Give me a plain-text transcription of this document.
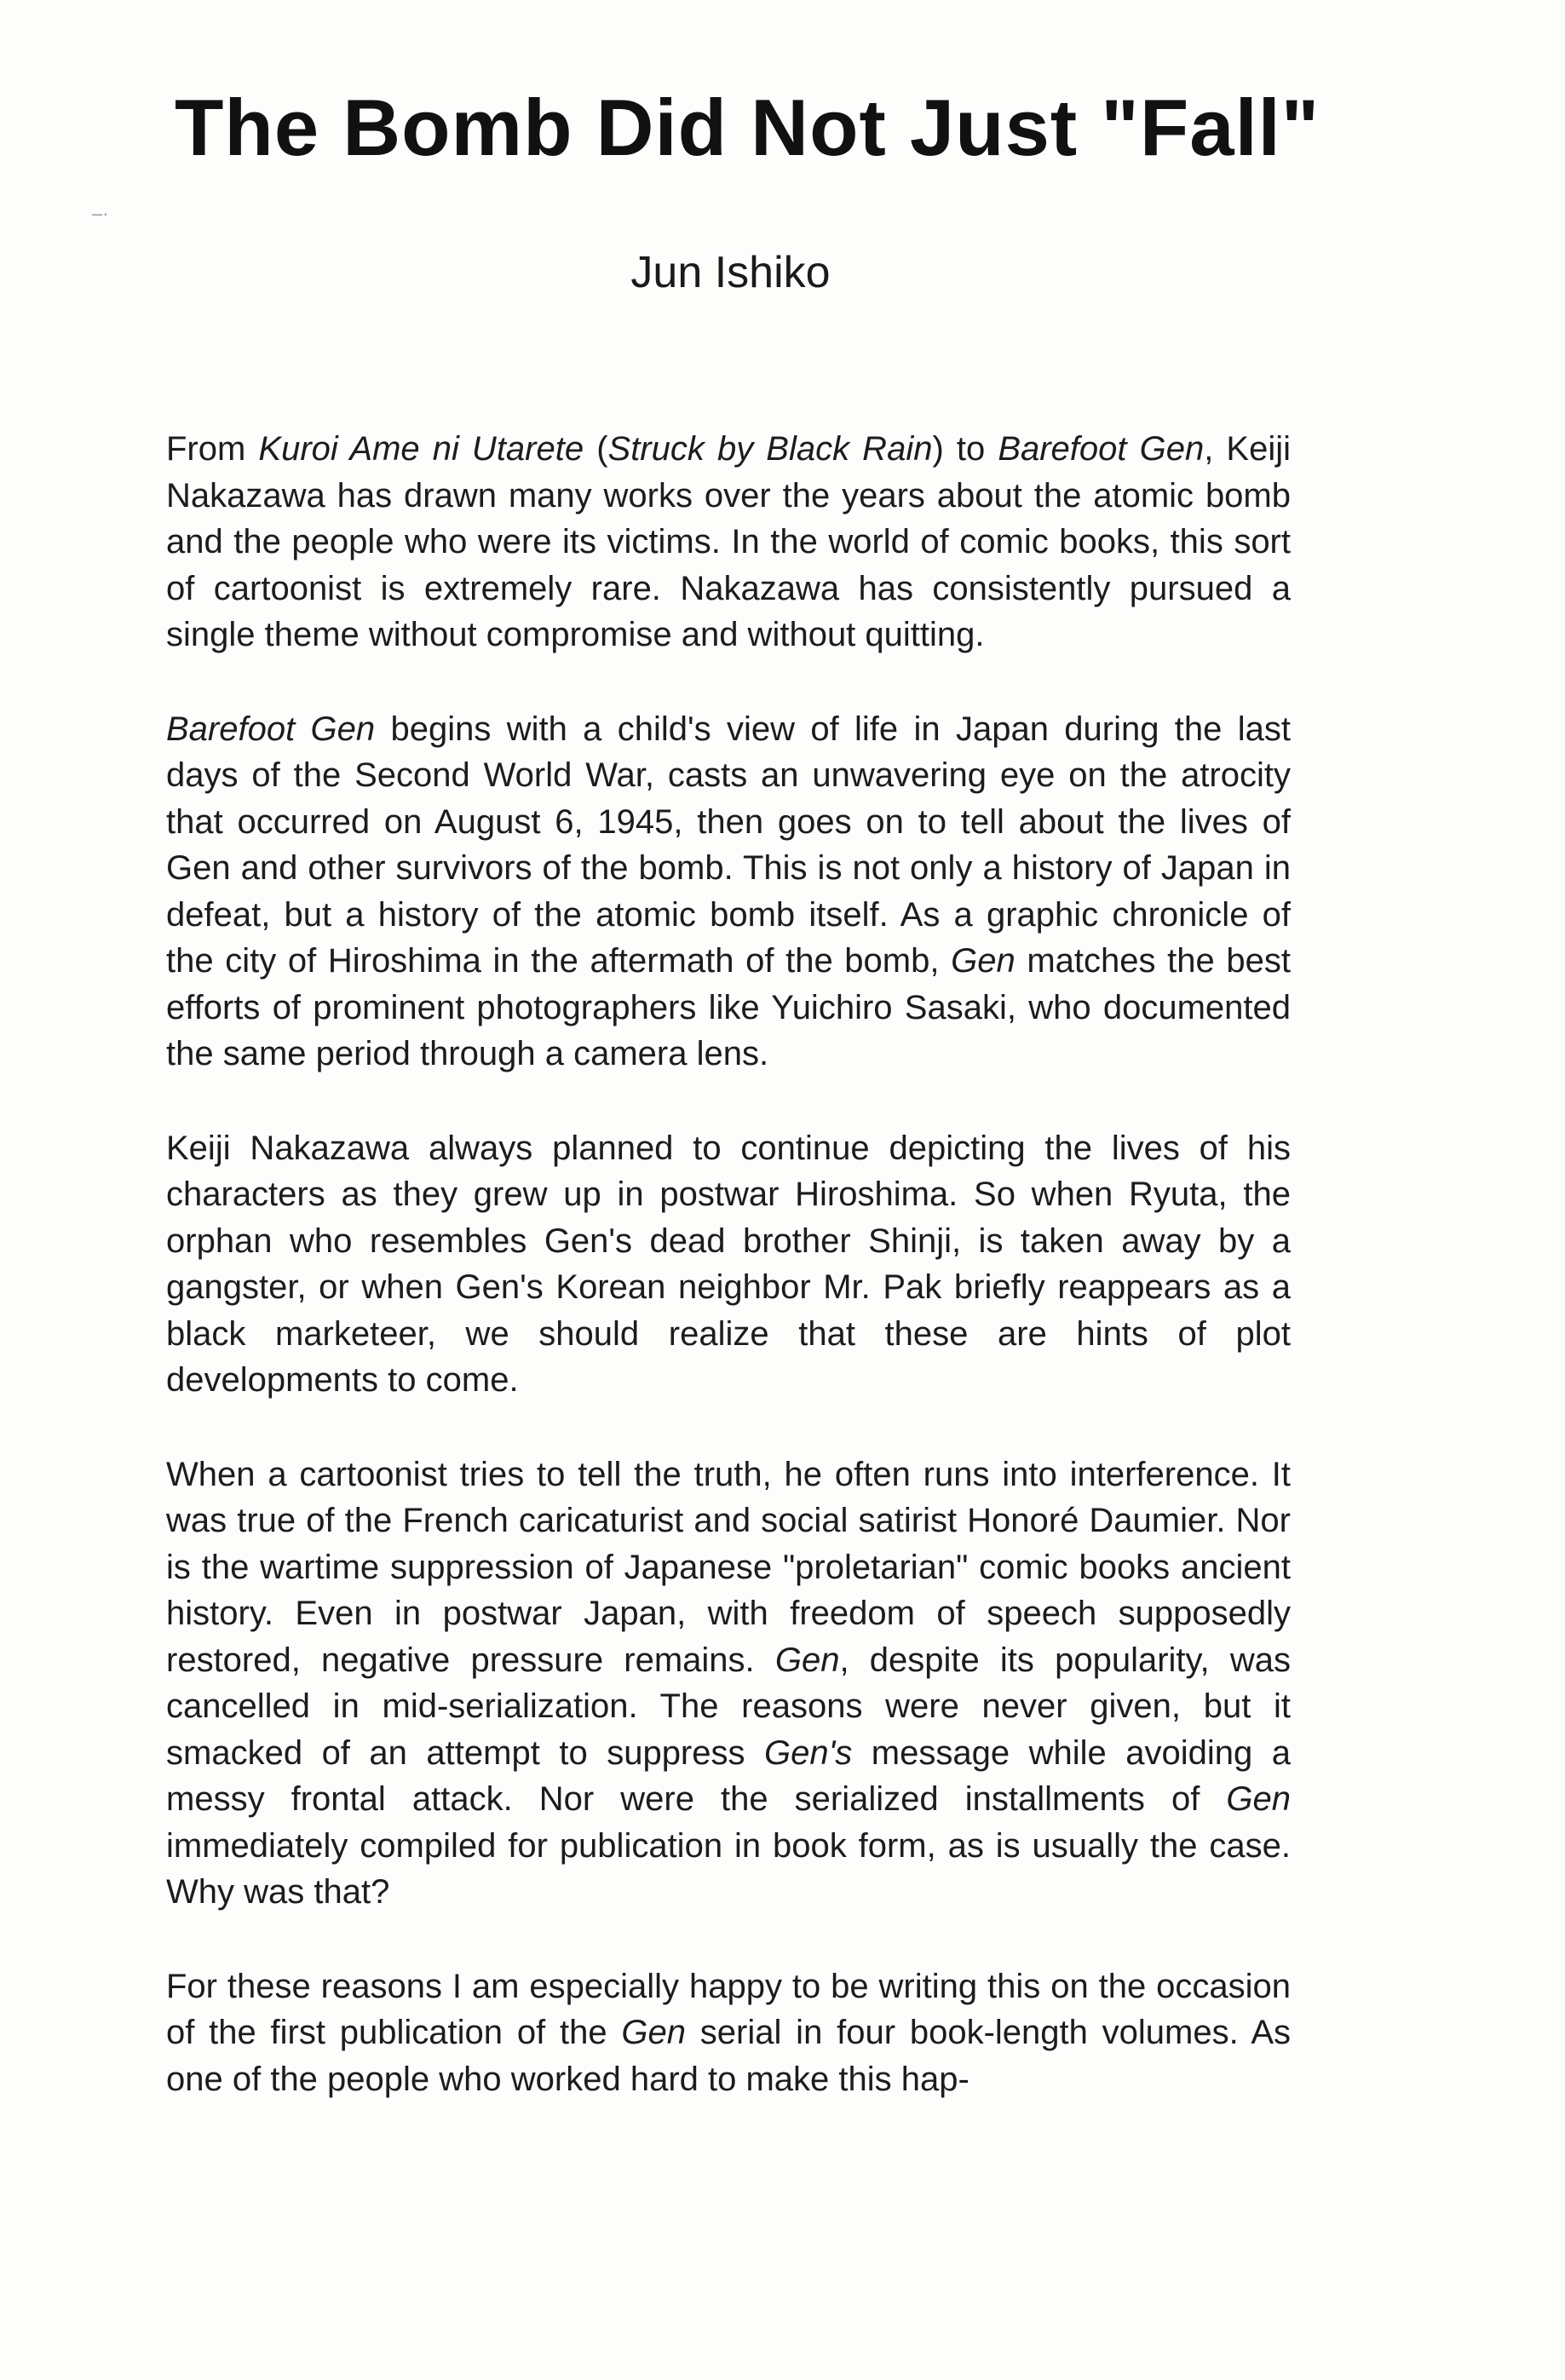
–·
The Bomb Did Not Just "Fall"

Jun Ishiko

From Kuroi Ame ni Utarete (Struck by Black Rain) to Barefoot Gen, Keiji Nakazawa has drawn many works over the years about the atomic bomb and the people who were its victims. In the world of comic books, this sort of cartoonist is extremely rare. Nakazawa has consistently pursued a single theme without compromise and without quitting.

Barefoot Gen begins with a child's view of life in Japan during the last days of the Second World War, casts an unwavering eye on the atrocity that occurred on August 6, 1945, then goes on to tell about the lives of Gen and other survivors of the bomb. This is not only a history of Japan in defeat, but a history of the atomic bomb itself. As a graphic chronicle of the city of Hiroshima in the aftermath of the bomb, Gen matches the best efforts of prominent photographers like Yuichiro Sasaki, who documented the same period through a camera lens.

Keiji Nakazawa always planned to continue depicting the lives of his characters as they grew up in postwar Hiroshima. So when Ryuta, the orphan who resembles Gen's dead brother Shinji, is taken away by a gangster, or when Gen's Korean neighbor Mr. Pak briefly reappears as a black marketeer, we should realize that these are hints of plot developments to come.

When a cartoonist tries to tell the truth, he often runs into interference. It was true of the French caricaturist and social satirist Honoré Daumier. Nor is the wartime suppression of Japanese "proletarian" comic books ancient history. Even in postwar Japan, with freedom of speech supposedly restored, negative pressure remains. Gen, despite its popularity, was cancelled in mid-serialization. The reasons were never given, but it smacked of an attempt to suppress Gen's message while avoiding a messy frontal attack. Nor were the serialized installments of Gen immediately compiled for publication in book form, as is usually the case. Why was that?

For these reasons I am especially happy to be writing this on the occasion of the first publication of the Gen serial in four book-length volumes. As one of the people who worked hard to make this hap-
